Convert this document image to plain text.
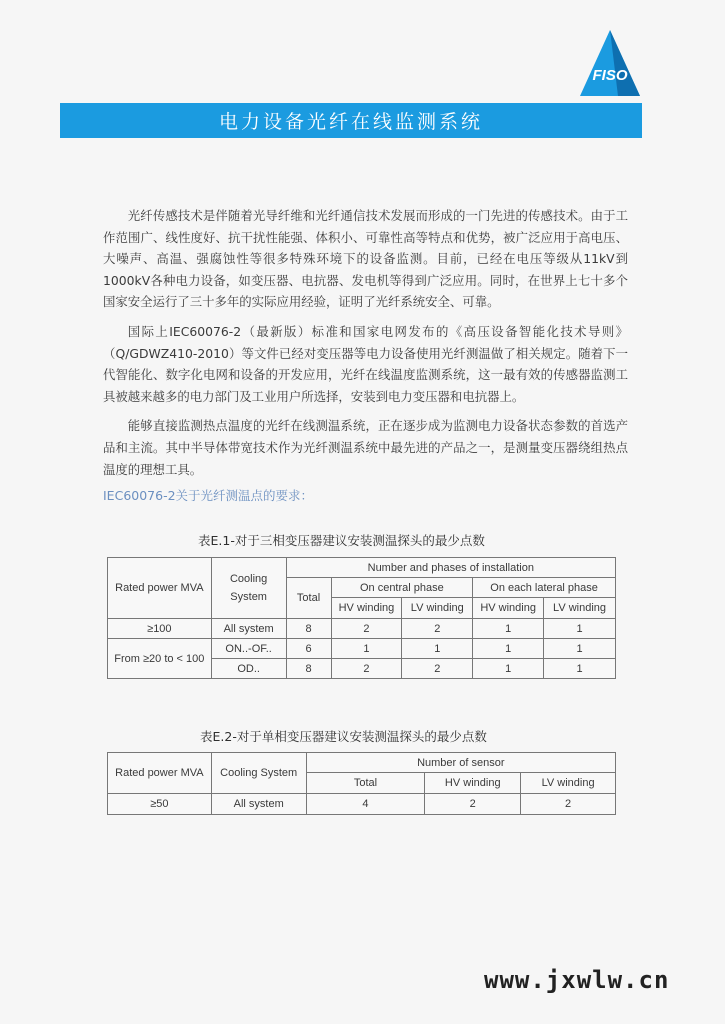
FISO
电力设备光纤在线监测系统

光纤传感技术是伴随着光导纤维和光纤通信技术发展而形成的一门先进的传感技术。由于工作范围广、线性度好、抗干扰性能强、体积小、可靠性高等特点和优势，被广泛应用于高电压、大噪声、高温、强腐蚀性等很多特殊环境下的设备监测。目前，已经在电压等级从11kV到1000kV各种电力设备，如变压器、电抗器、发电机等得到广泛应用。同时，在世界上七十多个国家安全运行了三十多年的实际应用经验，证明了光纤系统安全、可靠。

国际上IEC60076-2（最新版）标准和国家电网发布的《高压设备智能化技术导则》（Q/GDWZ410-2010）等文件已经对变压器等电力设备使用光纤测温做了相关规定。随着下一代智能化、数字化电网和设备的开发应用，光纤在线温度监测系统，这一最有效的传感器监测工具被越来越多的电力部门及工业用户所选择，安装到电力变压器和电抗器上。

能够直接监测热点温度的光纤在线测温系统，正在逐步成为监测电力设备状态参数的首选产品和主流。其中半导体带宽技术作为光纤测温系统中最先进的产品之一，是测量变压器绕组热点温度的理想工具。

IEC60076-2关于光纤测温点的要求：
表E.1-对于三相变压器建议安装测温探头的最少点数
Rated power MVA	Cooling System	Number and phases of installation				
		Total	On central phase		On each lateral phase	
			HV winding	LV winding	HV winding	LV winding
≥100	All system	8	2	2	1	1
From ≥20 to < 100	ON..-OF..	6	1	1	1	1
	OD..	8	2	2	1	1
表E.2-对于单相变压器建议安装测温探头的最少点数
Rated power MVA	Cooling System	Number of sensor		
		Total	HV winding	LV winding
≥50	All system	4	2	2
www.jxwlw.cn
